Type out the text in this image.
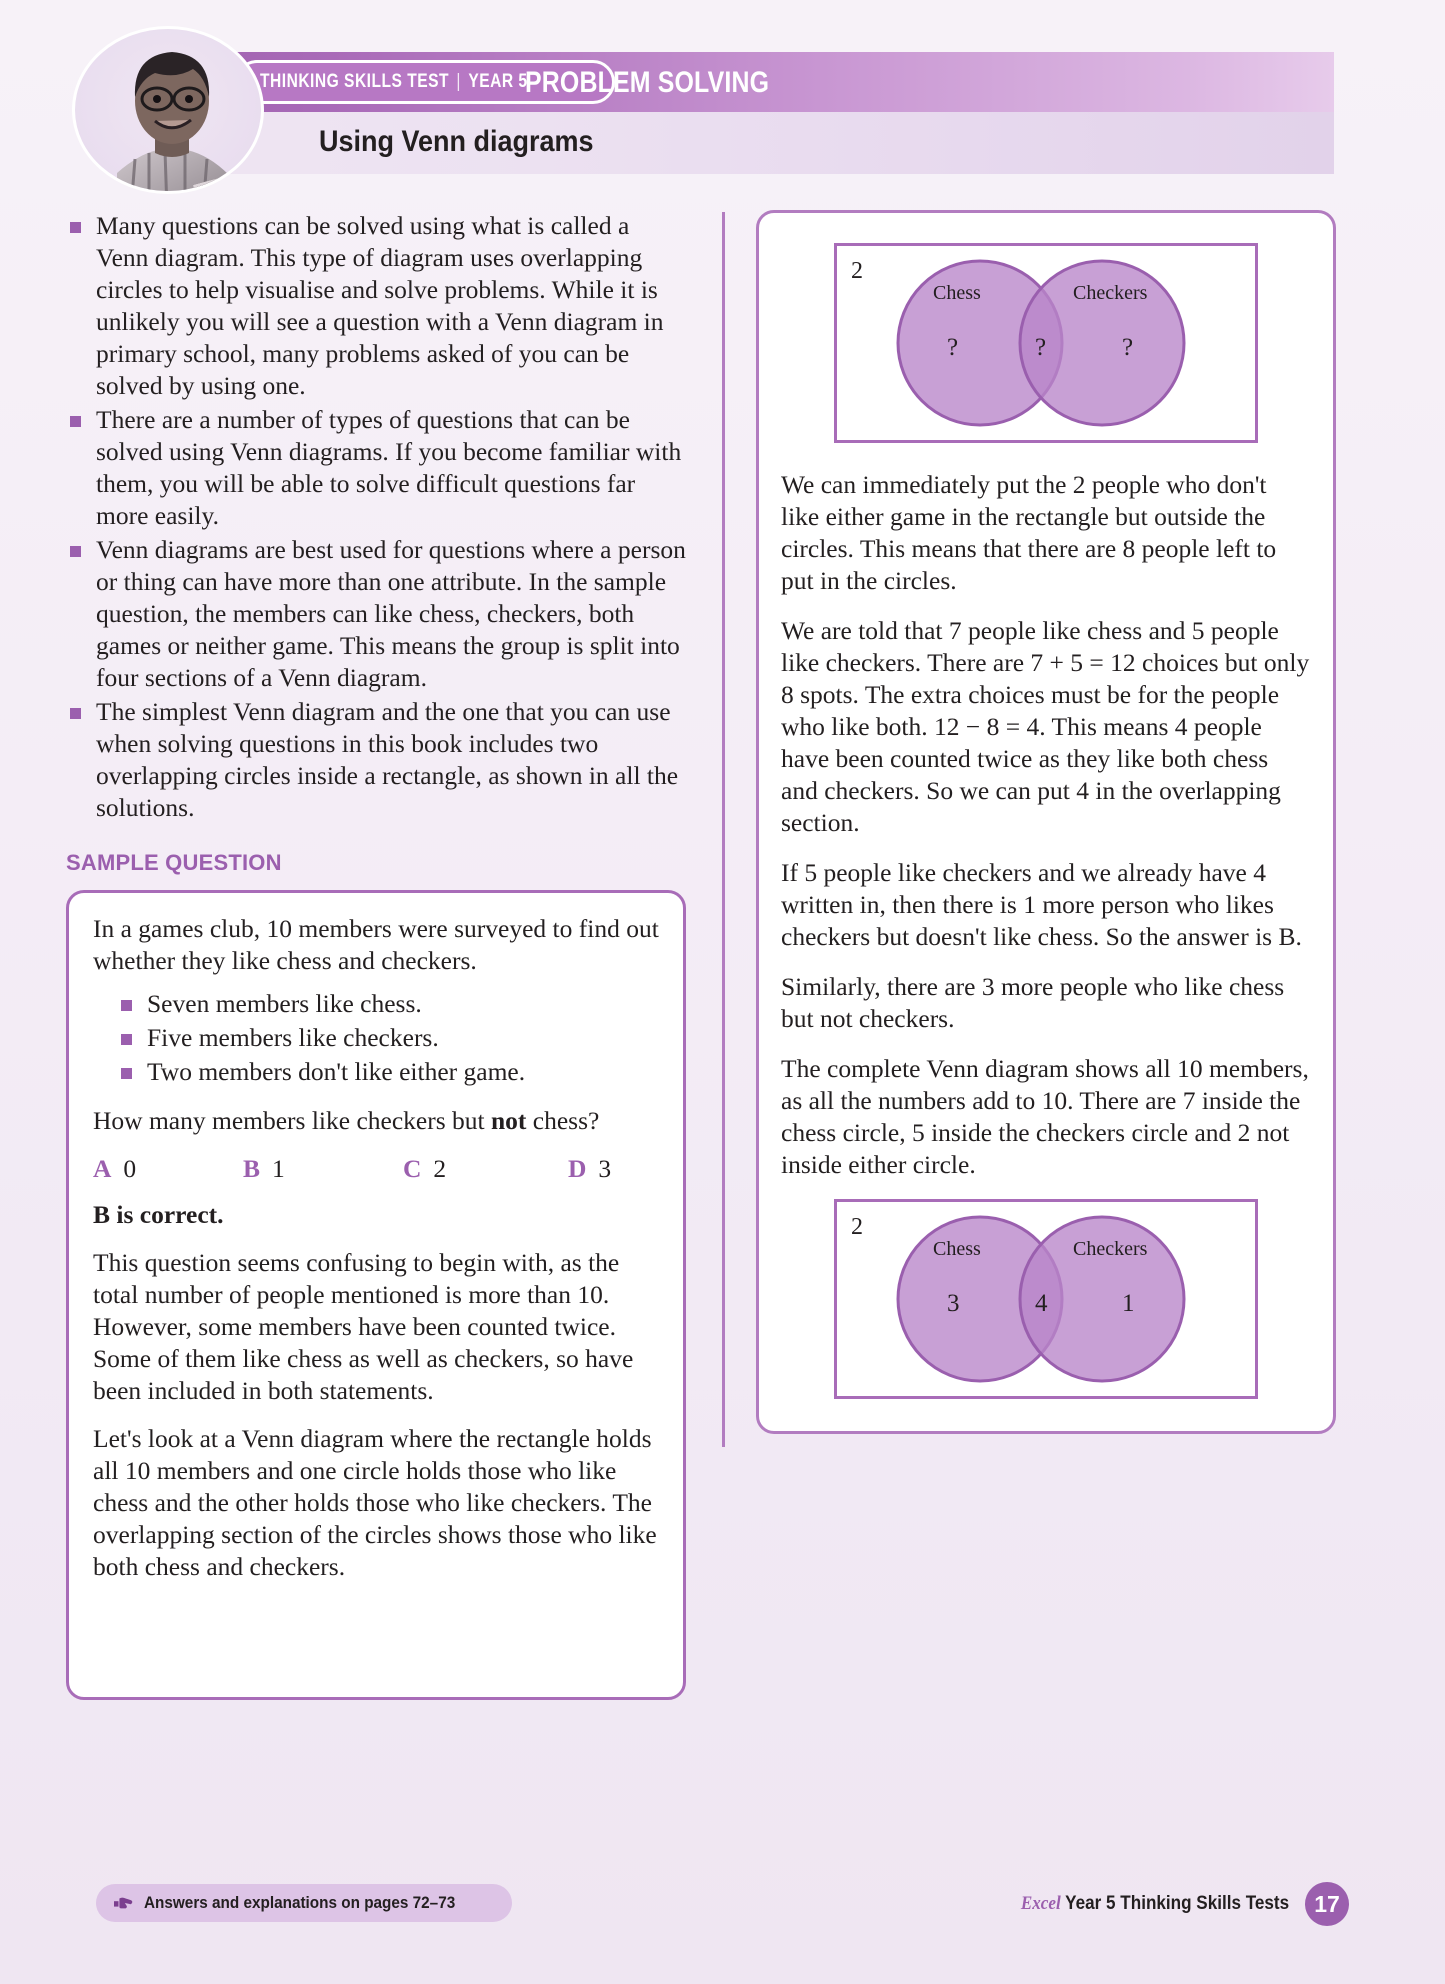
THINKING SKILLS TEST | YEAR 5
PROBLEM SOLVING
Using Venn diagrams
Many questions can be solved using what is called a Venn diagram. This type of diagram uses overlapping circles to help visualise and solve problems. While it is unlikely you will see a question with a Venn diagram in primary school, many problems asked of you can be solved by using one.
There are a number of types of questions that can be solved using Venn diagrams. If you become familiar with them, you will be able to solve difficult questions far more easily.
Venn diagrams are best used for questions where a person or thing can have more than one attribute. In the sample question, the members can like chess, checkers, both games or neither game. This means the group is split into four sections of a Venn diagram.
The simplest Venn diagram and the one that you can use when solving questions in this book includes two overlapping circles inside a rectangle, as shown in all the solutions.
SAMPLE QUESTION

In a games club, 10 members were surveyed to find out whether they like chess and checkers.

Seven members like chess.
Five members like checkers.
Two members don't like either game.

How many members like checkers but not chess?

A 0	B 1	C 2	D 3

B is correct.

This question seems confusing to begin with, as the total number of people mentioned is more than 10. However, some members have been counted twice. Some of them like chess as well as checkers, so have been included in both statements.

Let's look at a Venn diagram where the rectangle holds all 10 members and one circle holds those who like chess and the other holds those who like checkers. The overlapping section of the circles shows those who like both chess and checkers.

2
Chess	Checkers
?	?	?

We can immediately put the 2 people who don't like either game in the rectangle but outside the circles. This means that there are 8 people left to put in the circles.

We are told that 7 people like chess and 5 people like checkers. There are 7 + 5 = 12 choices but only 8 spots. The extra choices must be for the people who like both. 12 − 8 = 4. This means 4 people have been counted twice as they like both chess and checkers. So we can put 4 in the overlapping section.

If 5 people like checkers and we already have 4 written in, then there is 1 more person who likes checkers but doesn't like chess. So the answer is B.

Similarly, there are 3 more people who like chess but not checkers.

The complete Venn diagram shows all 10 members, as all the numbers add to 10. There are 7 inside the chess circle, 5 inside the checkers circle and 2 not inside either circle.

2
Chess	Checkers
3	4	1
Answers and explanations on pages 72–73	Excel Year 5 Thinking Skills Tests	17
